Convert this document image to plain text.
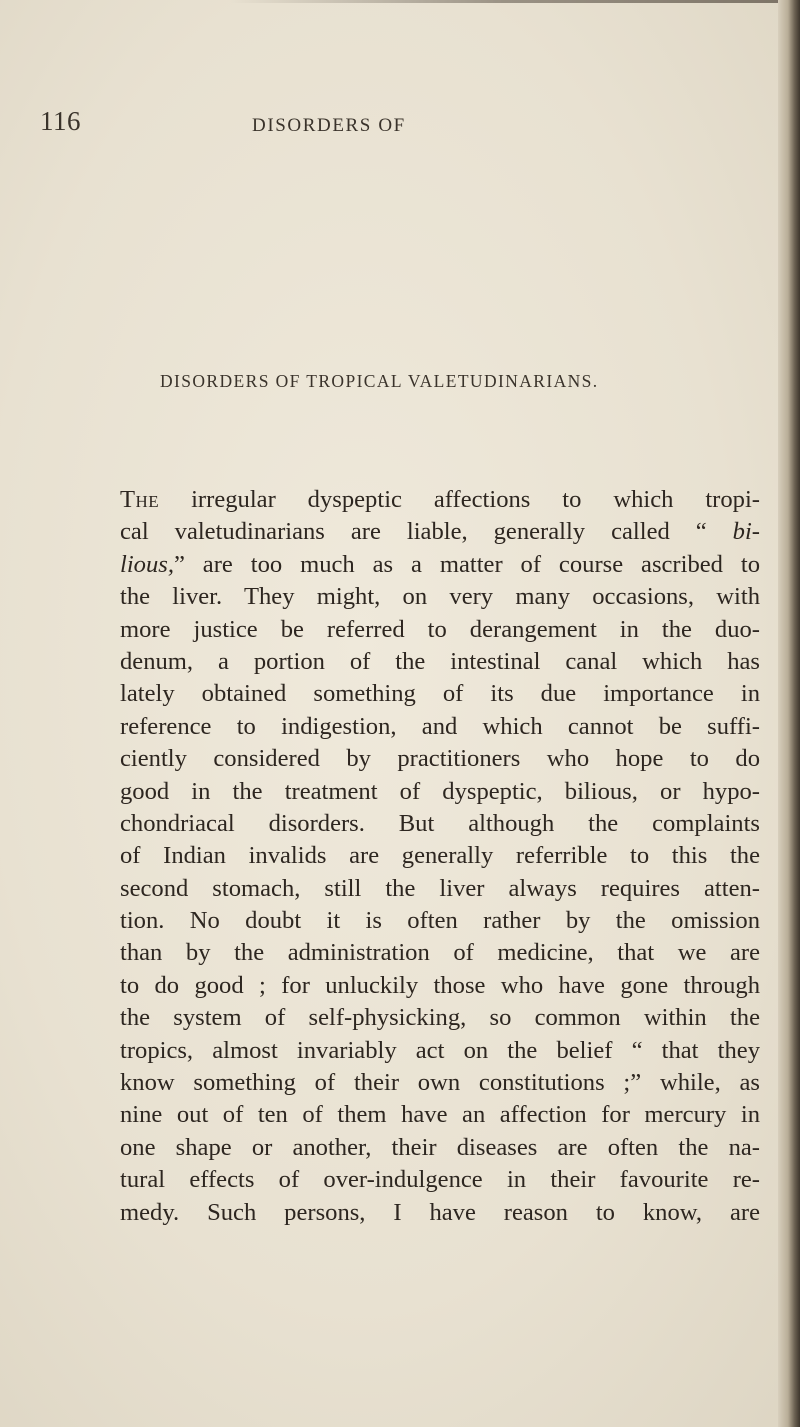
116	DISORDERS OF
DISORDERS OF TROPICAL VALETUDINARIANS.
The irregular dyspeptic affections to which tropi-
cal valetudinarians are liable, generally called “ bi-
lious,” are too much as a matter of course ascribed to
the liver. They might, on very many occasions, with
more justice be referred to derangement in the duo-
denum, a portion of the intestinal canal which has
lately obtained something of its due importance in
reference to indigestion, and which cannot be suffi-
ciently considered by practitioners who hope to do
good in the treatment of dyspeptic, bilious, or hypo-
chondriacal disorders. But although the complaints
of Indian invalids are generally referrible to this the
second stomach, still the liver always requires atten-
tion. No doubt it is often rather by the omission
than by the administration of medicine, that we are
to do good ; for unluckily those who have gone through
the system of self-physicking, so common within the
tropics, almost invariably act on the belief “ that they
know something of their own constitutions ;” while, as
nine out of ten of them have an affection for mercury in
one shape or another, their diseases are often the na-
tural effects of over-indulgence in their favourite re-
medy. Such persons, I have reason to know, are
